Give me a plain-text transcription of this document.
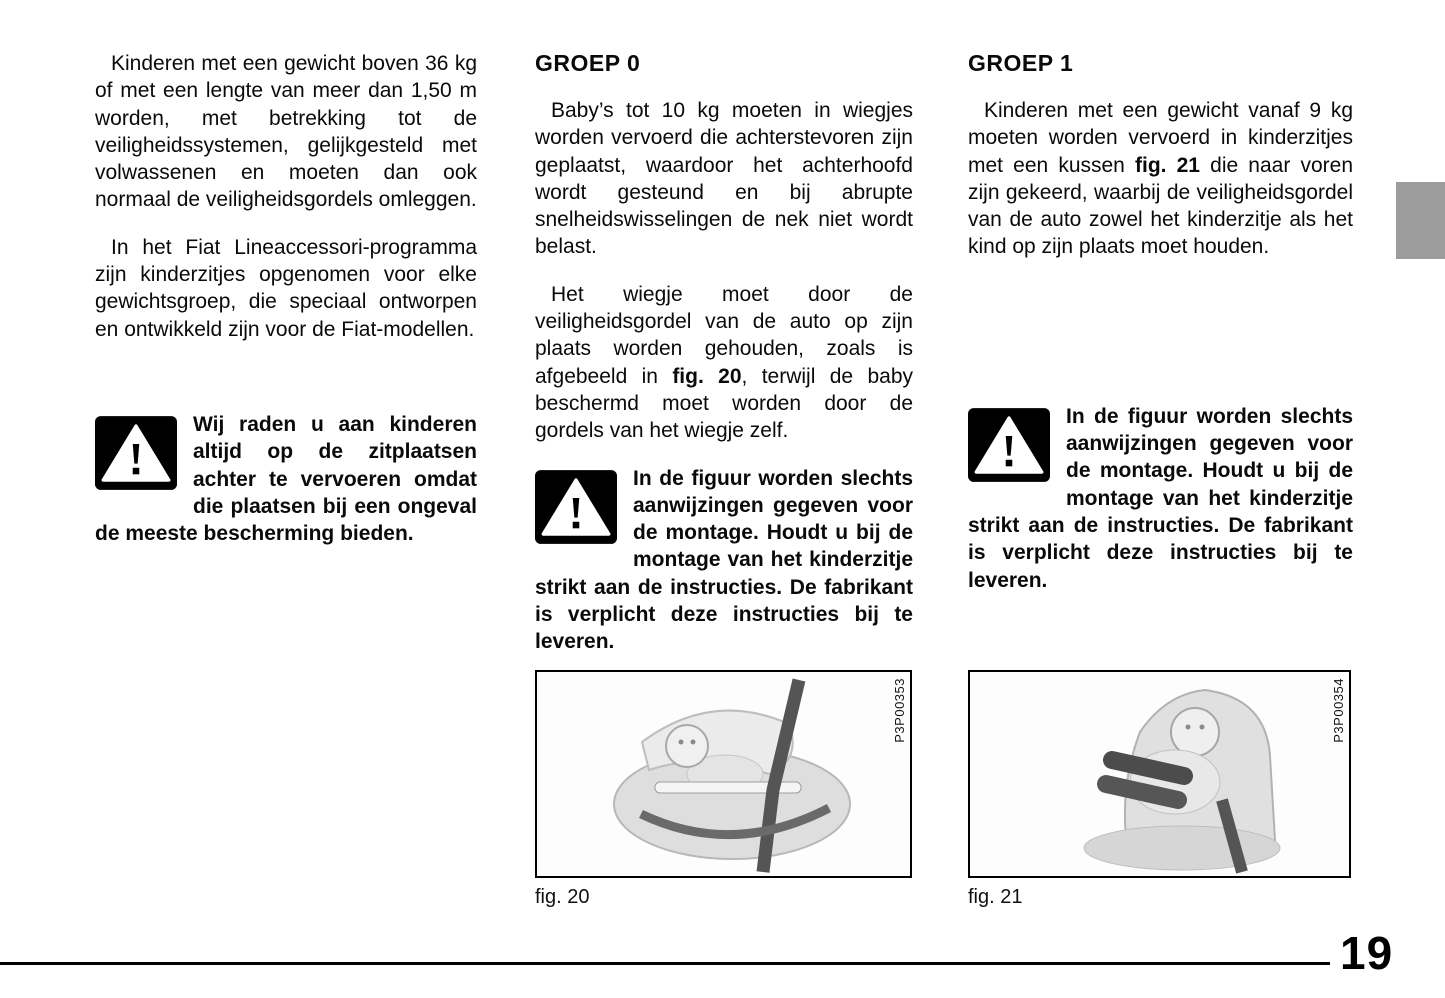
Kinderen met een gewicht boven 36 kg of met een lengte van meer dan 1,50 m worden, met betrekking tot de veiligheidssystemen, gelijkgesteld met volwassenen en moeten dan ook normaal de veiligheidsgordels omleggen.

In het Fiat Lineaccessori-programma zijn kinderzitjes opgenomen voor elke gewichtsgroep, die speciaal ontworpen en ontwikkeld zijn voor de Fiat-modellen.

Wij raden u aan kinderen altijd op de zitplaatsen achter te vervoeren omdat die plaatsen bij een ongeval de meeste bescherming bieden.
GROEP 0

Baby’s tot 10 kg moeten in wiegjes worden vervoerd die achterstevoren zijn geplaatst, waardoor het achterhoofd wordt gesteund en bij abrupte snelheidswisselingen de nek niet wordt belast.

Het wiegje moet door de veiligheidsgordel van de auto op zijn plaats worden gehouden, zoals is afgebeeld in fig. 20, terwijl de baby beschermd moet worden door de gordels van het wiegje zelf.

In de figuur worden slechts aanwijzingen gegeven voor de montage. Houdt u bij de montage van het kinderzitje strikt aan de instructies. De fabrikant is verplicht deze instructies bij te leveren.
GROEP 1

Kinderen met een gewicht vanaf 9 kg moeten worden vervoerd in kinderzitjes met een kussen fig. 21 die naar voren zijn gekeerd, waarbij de veiligheidsgordel van de auto zowel het kinderzitje als het kind op zijn plaats moet houden.

In de figuur worden slechts aanwijzingen gegeven voor de montage. Houdt u bij de montage van het kinderzitje strikt aan de instructies. De fabrikant is verplicht deze instructies bij te leveren.
P3P00353
fig. 20
P3P00354
fig. 21
19
